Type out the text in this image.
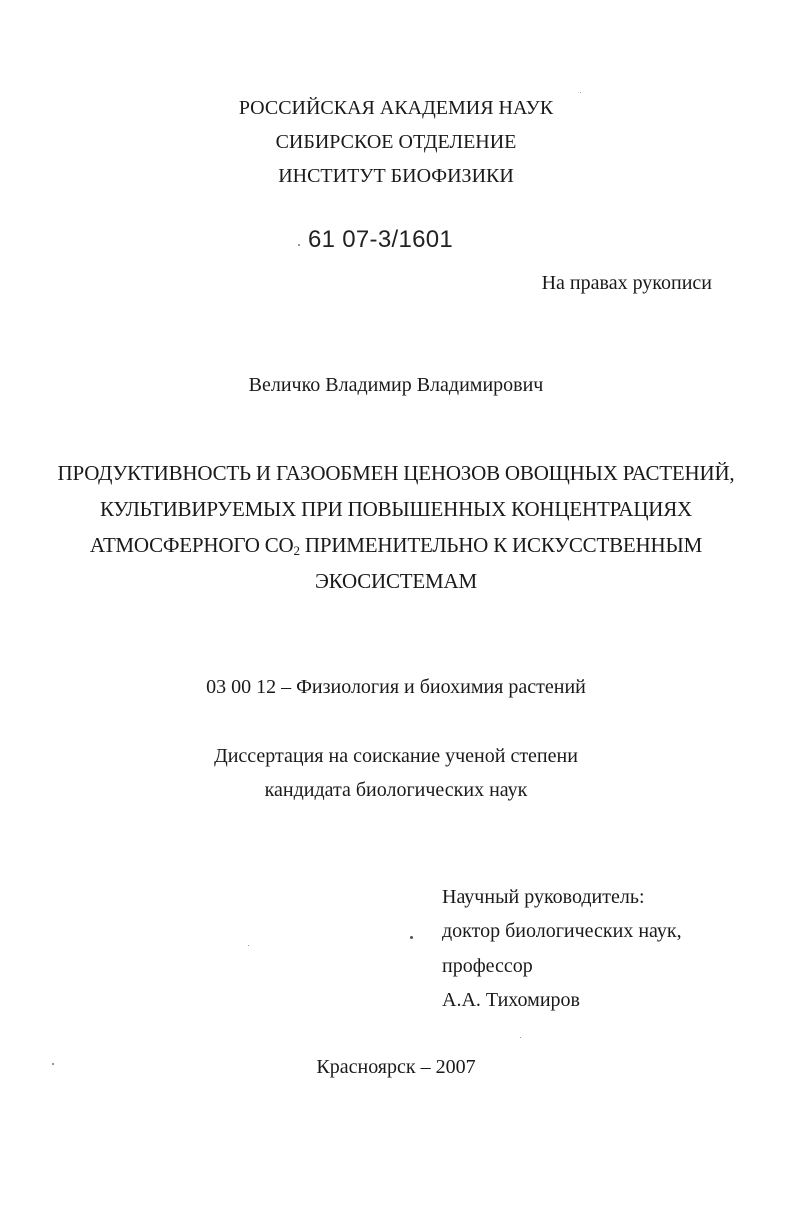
РОССИЙСКАЯ АКАДЕМИЯ НАУК
СИБИРСКОЕ ОТДЕЛЕНИЕ
ИНСТИТУТ БИОФИЗИКИ
61 07-3/1601
На правах рукописи
Величко Владимир Владимирович
ПРОДУКТИВНОСТЬ И ГАЗООБМЕН ЦЕНОЗОВ ОВОЩНЫХ РАСТЕНИЙ,
КУЛЬТИВИРУЕМЫХ ПРИ ПОВЫШЕННЫХ КОНЦЕНТРАЦИЯХ
АТМОСФЕРНОГО $СО_2$ ПРИМЕНИТЕЛЬНО К ИСКУССТВЕННЫМ
ЭКОСИСТЕМАМ
03 00 12 – Физиология и биохимия растений
Диссертация на соискание ученой степени
кандидата биологических наук
Научный руководитель:
доктор биологических наук,
профессор
А.А. Тихомиров
Красноярск – 2007
